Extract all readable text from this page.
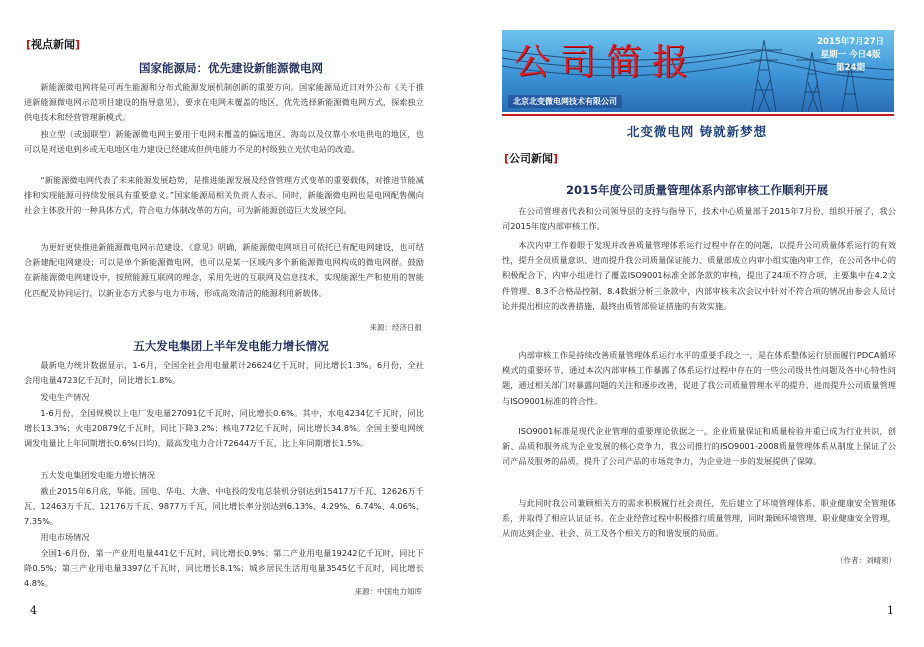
[视点新闻]
国家能源局：优先建设新能源微电网

新能源微电网将是可再生能源和分布式能源发展机制创新的重要方向。国家能源局近日对外公布《关于推进新能源微电网示范项目建设的指导意见》，要求在电网未覆盖的地区，优先选择新能源微电网方式，探索独立供电技术和经营管理新模式。

独立型（或弱联型）新能源微电网主要用于电网未覆盖的偏远地区、海岛以及仅靠小水电供电的地区，也可以是对送电到乡或无电地区电力建设已经建成但供电能力不足的村级独立光伏电站的改造。

“新能源微电网代表了未来能源发展趋势，是推进能源发展及经营管理方式变革的重要载体，对推进节能减排和实现能源可持续发展具有重要意义。”国家能源局相关负责人表示。同时，新能源微电网也是电网配售侧向社会主体放开的一种具体方式，符合电力体制改革的方向，可为新能源创造巨大发展空间。

为更好更快推进新能源微电网示范建设，《意见》明确，新能源微电网项目可依托已有配电网建设，也可结合新建配电网建设；可以是单个新能源微电网，也可以是某一区域内多个新能源微电网构成的微电网群。鼓励在新能源微电网建设中，按照能源互联网的理念，采用先进的互联网及信息技术，实现能源生产和使用的智能化匹配及协同运行，以新业态方式参与电力市场，形成高效清洁的能源利用新载体。

来源：经济日报
五大发电集团上半年发电能力增长情况

最新电力统计数据显示，1-6月，全国全社会用电量累计26624亿千瓦时，同比增长1.3%。6月份，全社会用电量4723亿千瓦时，同比增长1.8%。

发电生产情况

1-6月份，全国规模以上电厂发电量27091亿千瓦时，同比增长0.6%。其中，水电4234亿千瓦时，同比增长13.3%；火电20879亿千瓦时，同比下降3.2%；核电772亿千瓦时，同比增长34.8%。全国主要电网统调发电量比上年同期增长0.6%(日均)，最高发电力合计72644万千瓦，比上年同期增长1.5%。

五大发电集团发电能力增长情况

截止2015年6月底，华能、国电、华电、大唐、中电投的发电总装机分别达到15417万千瓦、12626万千瓦、12463万千瓦、12176万千瓦、9877万千瓦，同比增长率分别达到6.13%、4.29%、6.74%、4.06%、7.35%。

用电市场情况

全国1-6月份，第一产业用电量441亿千瓦时，同比增长0.9%；第二产业用电量19242亿千瓦时，同比下降0.5%；第三产业用电量3397亿千瓦时，同比增长8.1%；城乡居民生活用电量3545亿千瓦时，同比增长4.8%。

来源：中国电力知库
4
公司简报	2015年7月27日
星期一 今日4版
第24期
北京北变微电网技术有限公司
北变微电网 铸就新梦想
[公司新闻]
2015年度公司质量管理体系内部审核工作顺利开展

在公司管理者代表和公司领导层的支持与指导下，技术中心质量部于2015年7月份，组织开展了，我公司2015年度内部审核工作。

本次内审工作着眼于发现并改善质量管理体系运行过程中存在的问题，以提升公司质量体系运行的有效性，提升全员质量意识、进而提升我公司质量保证能力、质量部成立内审小组实施内审工作，在公司各中心的积极配合下，内审小组进行了覆盖ISO9001标准全部条款的审核，提出了24项不符合项，主要集中在4.2文件管理、8.3不合格品控制、8.4数据分析三条款中，内部审核末次会议中针对不符合项的情况由参会人员讨论并提出相应的改善措施，最终由质管部验证措施的有效实施。

内部审核工作是持续改善质量管理体系运行水平的重要手段之一，是在体系整体运行层面履行PDCA循环模式的重要环节，通过本次内部审核工作暴露了体系运行过程中存在的一些公司级共性问题及各中心特性问题，通过相关部门对暴露问题的关注和逐步改善，促进了我公司质量管理水平的提升，进而提升公司质量管理与ISO9001标准的符合性。

ISO9001标准是现代企业管理的重要理论依据之一。企业质量保证和质量检验并重已成为行业共识，创新、品质和服务成为企业发展的核心竞争力，我公司推行的ISO9001-2008质量管理体系从制度上保证了公司产品及服务的品质，提升了公司产品的市场竞争力，为企业进一步的发展提供了保障。

与此同时我公司兼顾相关方的需求积极履行社会责任，先后建立了环境管理体系、职业健康安全管理体系，并取得了相应认证证书。在企业经营过程中积极推行质量管理，同时兼顾环境管理、职业健康安全管理，从而达到企业、社会、员工及各个相关方的和谐发展的局面。

（作者：刘晴须）
1
